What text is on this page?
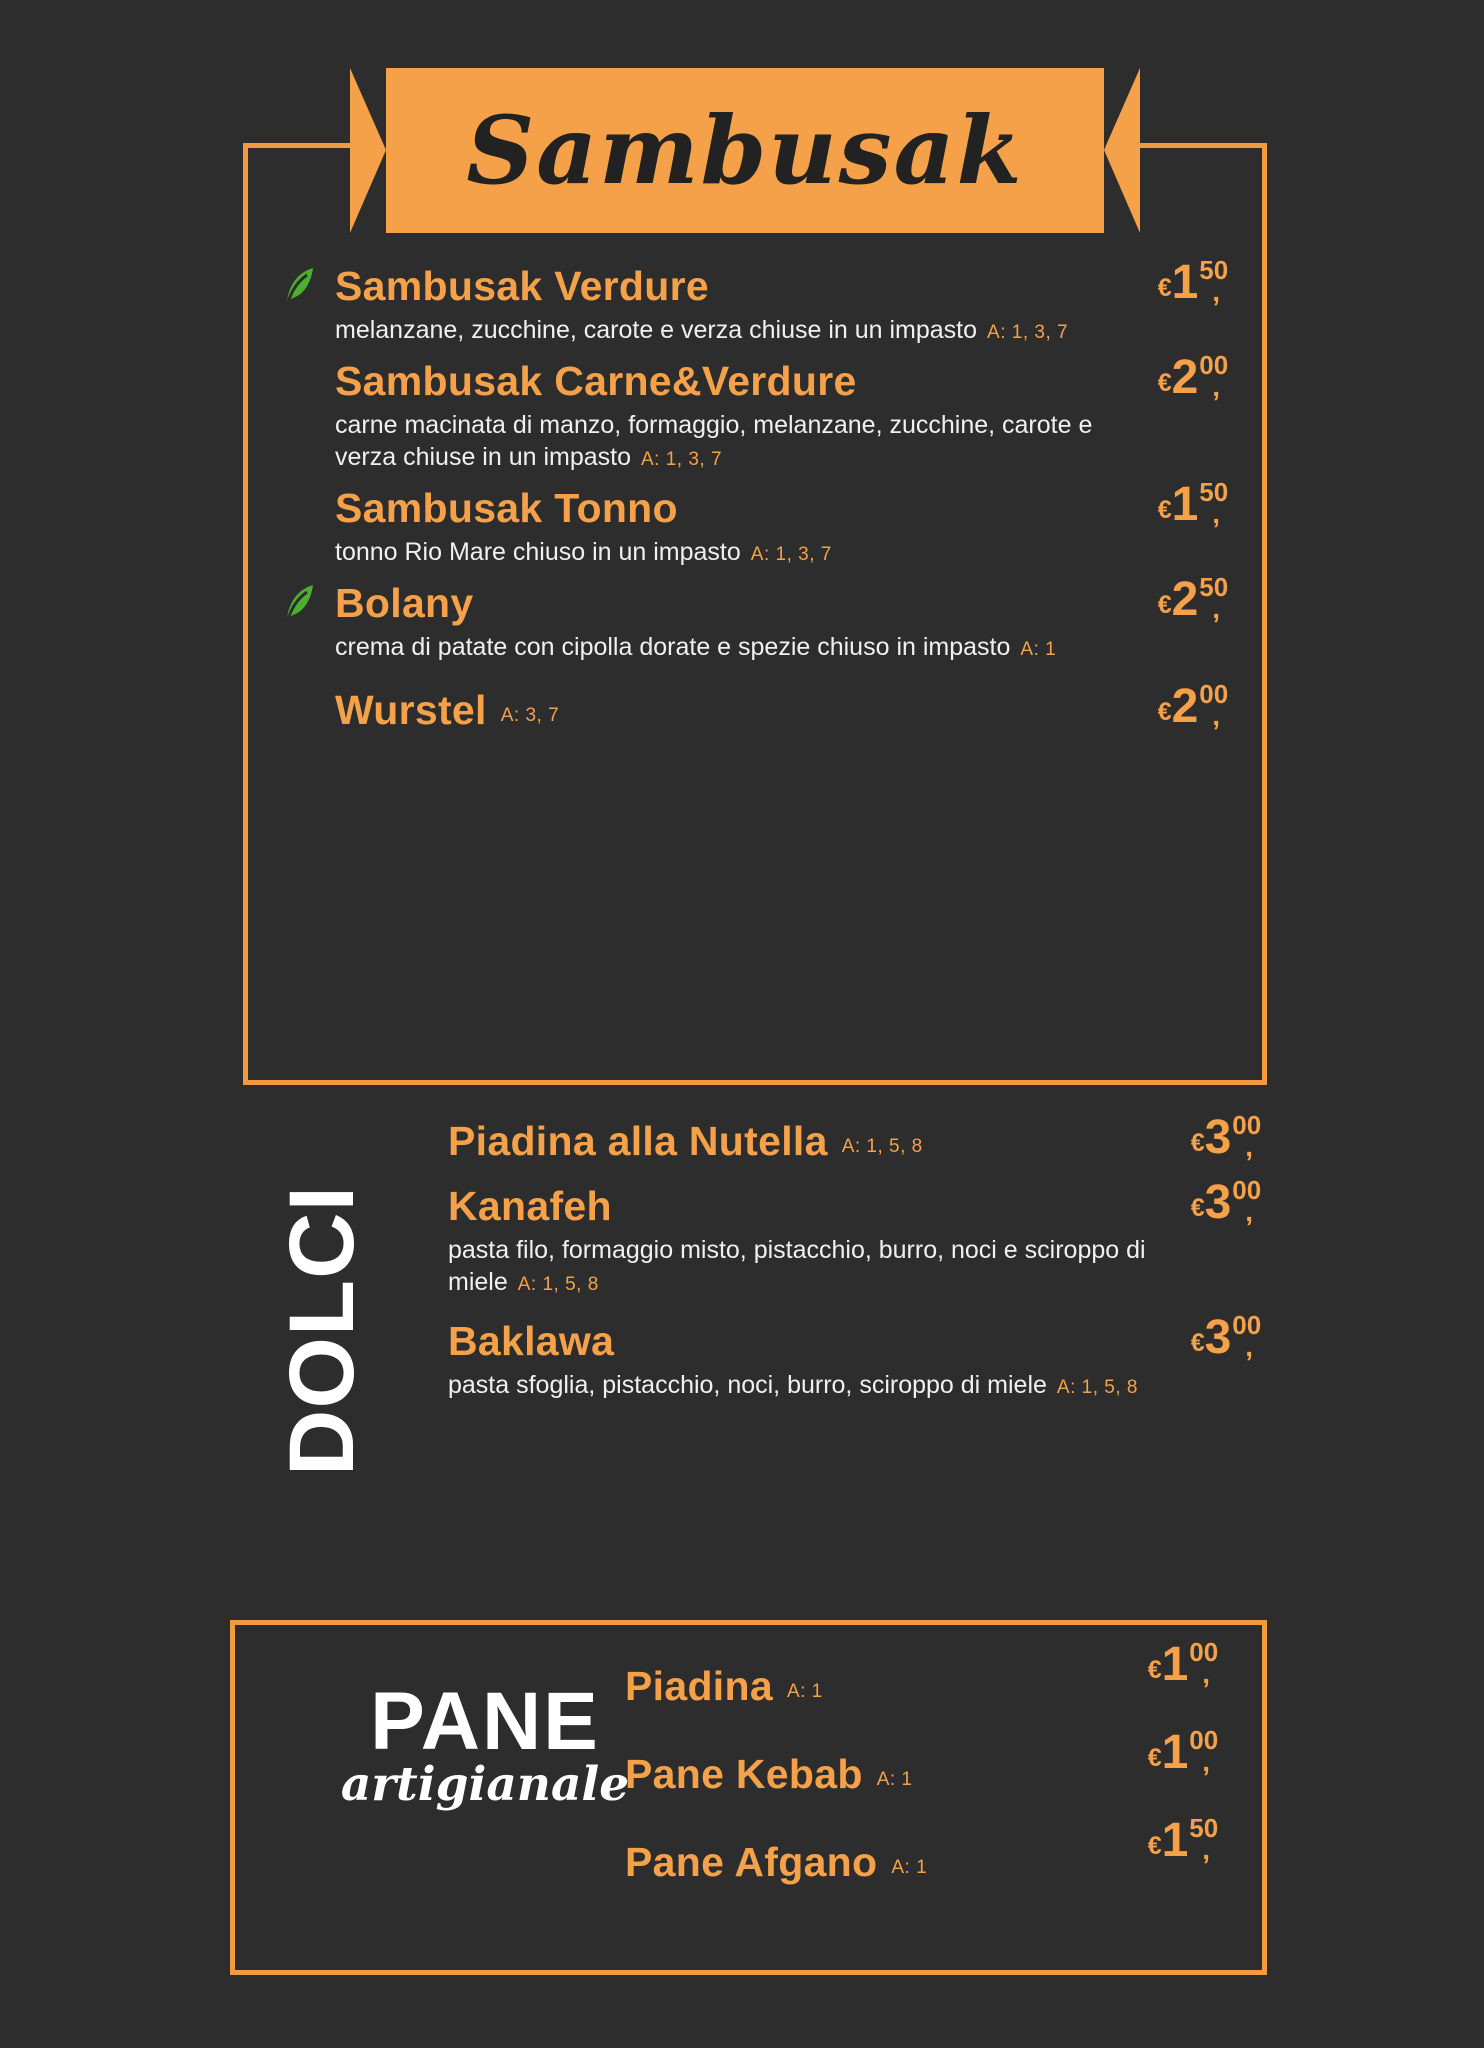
Sambusak
Sambusak Verdure	€150,
melanzane, zucchine, carote e verza chiuse in un impasto A: 1, 3, 7
Sambusak Carne&Verdure	€200,
carne macinata di manzo, formaggio, melanzane, zucchine, carote e verza chiuse in un impasto A: 1, 3, 7
Sambusak Tonno	€150,
tonno Rio Mare chiuso in un impasto A: 1, 3, 7
Bolany	€250,
crema di patate con cipolla dorate e spezie chiuso in impasto A: 1
Wurstel A: 3, 7	€200,
DOLCI
Piadina alla Nutella A: 1, 5, 8	€300,
Kanafeh	€300,
pasta filo, formaggio misto, pistacchio, burro, noci e sciroppo di miele A: 1, 5, 8
Baklawa	€300,
pasta sfoglia, pistacchio, noci, burro, sciroppo di miele A: 1, 5, 8
PANE
artigianale
Piadina A: 1
€100,
Pane Kebab A: 1
€100,
Pane Afgano A: 1
€150,
